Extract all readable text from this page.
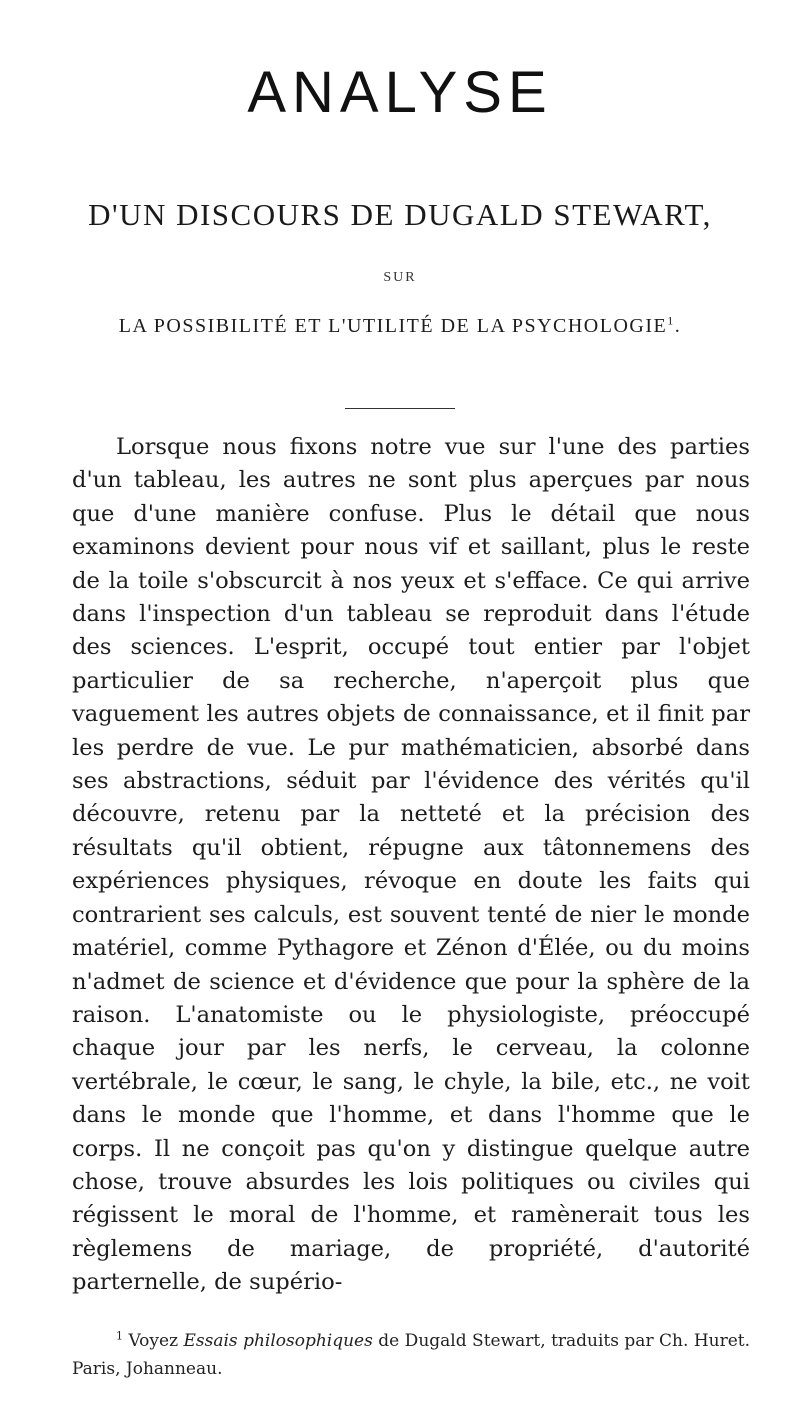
ANALYSE
D'UN DISCOURS DE DUGALD STEWART,
SUR
LA POSSIBILITÉ ET L'UTILITÉ DE LA PSYCHOLOGIE$^1$.

Lorsque nous fixons notre vue sur l'une des parties d'un tableau, les autres ne sont plus aperçues par nous que d'une manière confuse. Plus le détail que nous examinons devient pour nous vif et saillant, plus le reste de la toile s'obscurcit à nos yeux et s'efface. Ce qui arrive dans l'inspection d'un tableau se reproduit dans l'étude des sciences. L'esprit, occupé tout entier par l'objet particulier de sa recherche, n'aperçoit plus que vaguement les autres objets de connaissance, et il finit par les perdre de vue. Le pur mathématicien, absorbé dans ses abstractions, séduit par l'évidence des vérités qu'il découvre, retenu par la netteté et la précision des résultats qu'il obtient, répugne aux tâtonnemens des expériences physiques, révoque en doute les faits qui contrarient ses calculs, est souvent tenté de nier le monde matériel, comme Pythagore et Zénon d'Élée, ou du moins n'admet de science et d'évidence que pour la sphère de la raison. L'anatomiste ou le physiologiste, préoccupé chaque jour par les nerfs, le cerveau, la colonne vertébrale, le cœur, le sang, le chyle, la bile, etc., ne voit dans le monde que l'homme, et dans l'homme que le corps. Il ne conçoit pas qu'on y distingue quelque autre chose, trouve absurdes les lois politiques ou civiles qui régissent le moral de l'homme, et ramènerait tous les règlemens de mariage, de propriété, d'autorité parternelle, de supério-

$^1$ Voyez Essais philosophiques de Dugald Stewart, traduits par Ch. Huret. Paris, Johanneau.
